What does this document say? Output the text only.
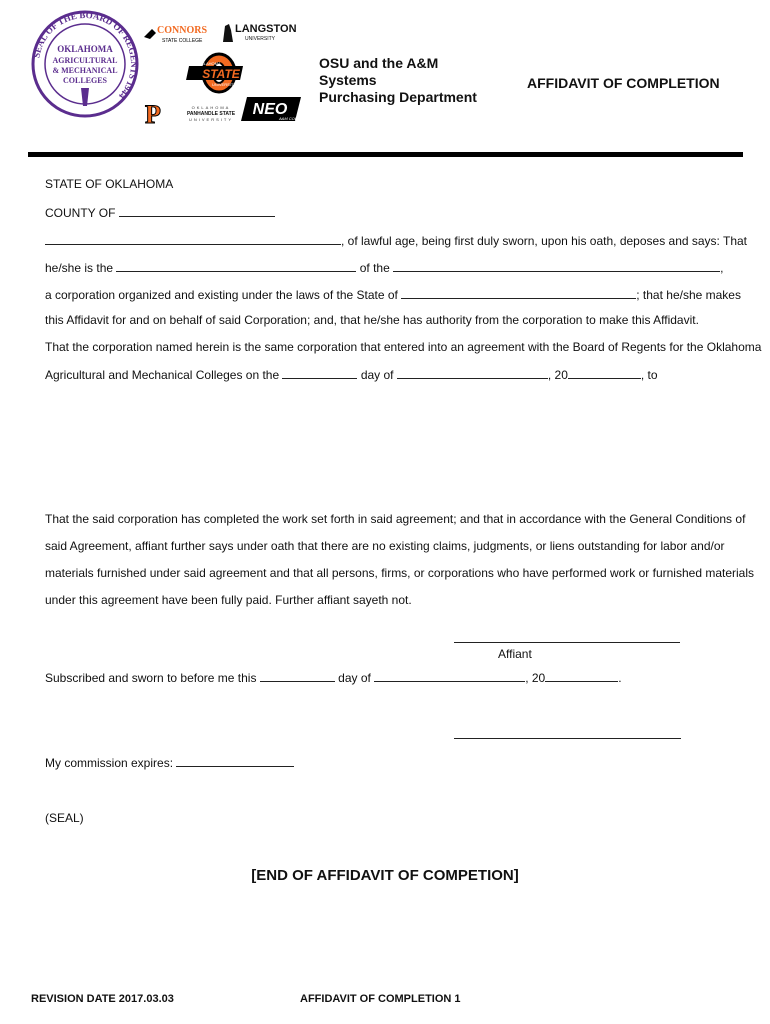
SEAL OF THE BOARD OF REGENTS 1944
OKLAHOMA
AGRICULTURAL
& MECHANICAL
COLLEGES
CONNORS
STATE COLLEGE
LANGSTON
UNIVERSITY
OKLAHOMA
STATE
UNIVERSITY
P	OKLAHOMA
PANHANDLE STATE
UNIVERSITY
NEO
A&M COLLEGE
OSU and the A&M
Systems
Purchasing Department
AFFIDAVIT OF COMPLETION
STATE OF OKLAHOMA
COUNTY OF
, of lawful age, being first duly sworn, upon his oath, deposes and says: That
he/she is the	of the	,
a corporation organized and existing under the laws of the State of	; that he/she makes
this Affidavit for and on behalf of said Corporation; and, that he/she has authority from the corporation to make this Affidavit.
That the corporation named herein is the same corporation that entered into an agreement with the Board of Regents for the Oklahoma
Agricultural and Mechanical Colleges on the	day of	, 20	, to
That the said corporation has completed the work set forth in said agreement; and that in accordance with the General Conditions of
said Agreement, affiant further says under oath that there are no existing claims, judgments, or liens outstanding for labor and/or
materials furnished under said agreement and that all persons, firms, or corporations who have performed work or furnished materials
under this agreement have been fully paid. Further affiant sayeth not.
Affiant
Subscribed and sworn to before me this	day of	, 20	.
My commission expires:
(SEAL)
[END OF AFFIDAVIT OF COMPETION]
REVISION DATE 2017.03.03	AFFIDAVIT OF COMPLETION 1
